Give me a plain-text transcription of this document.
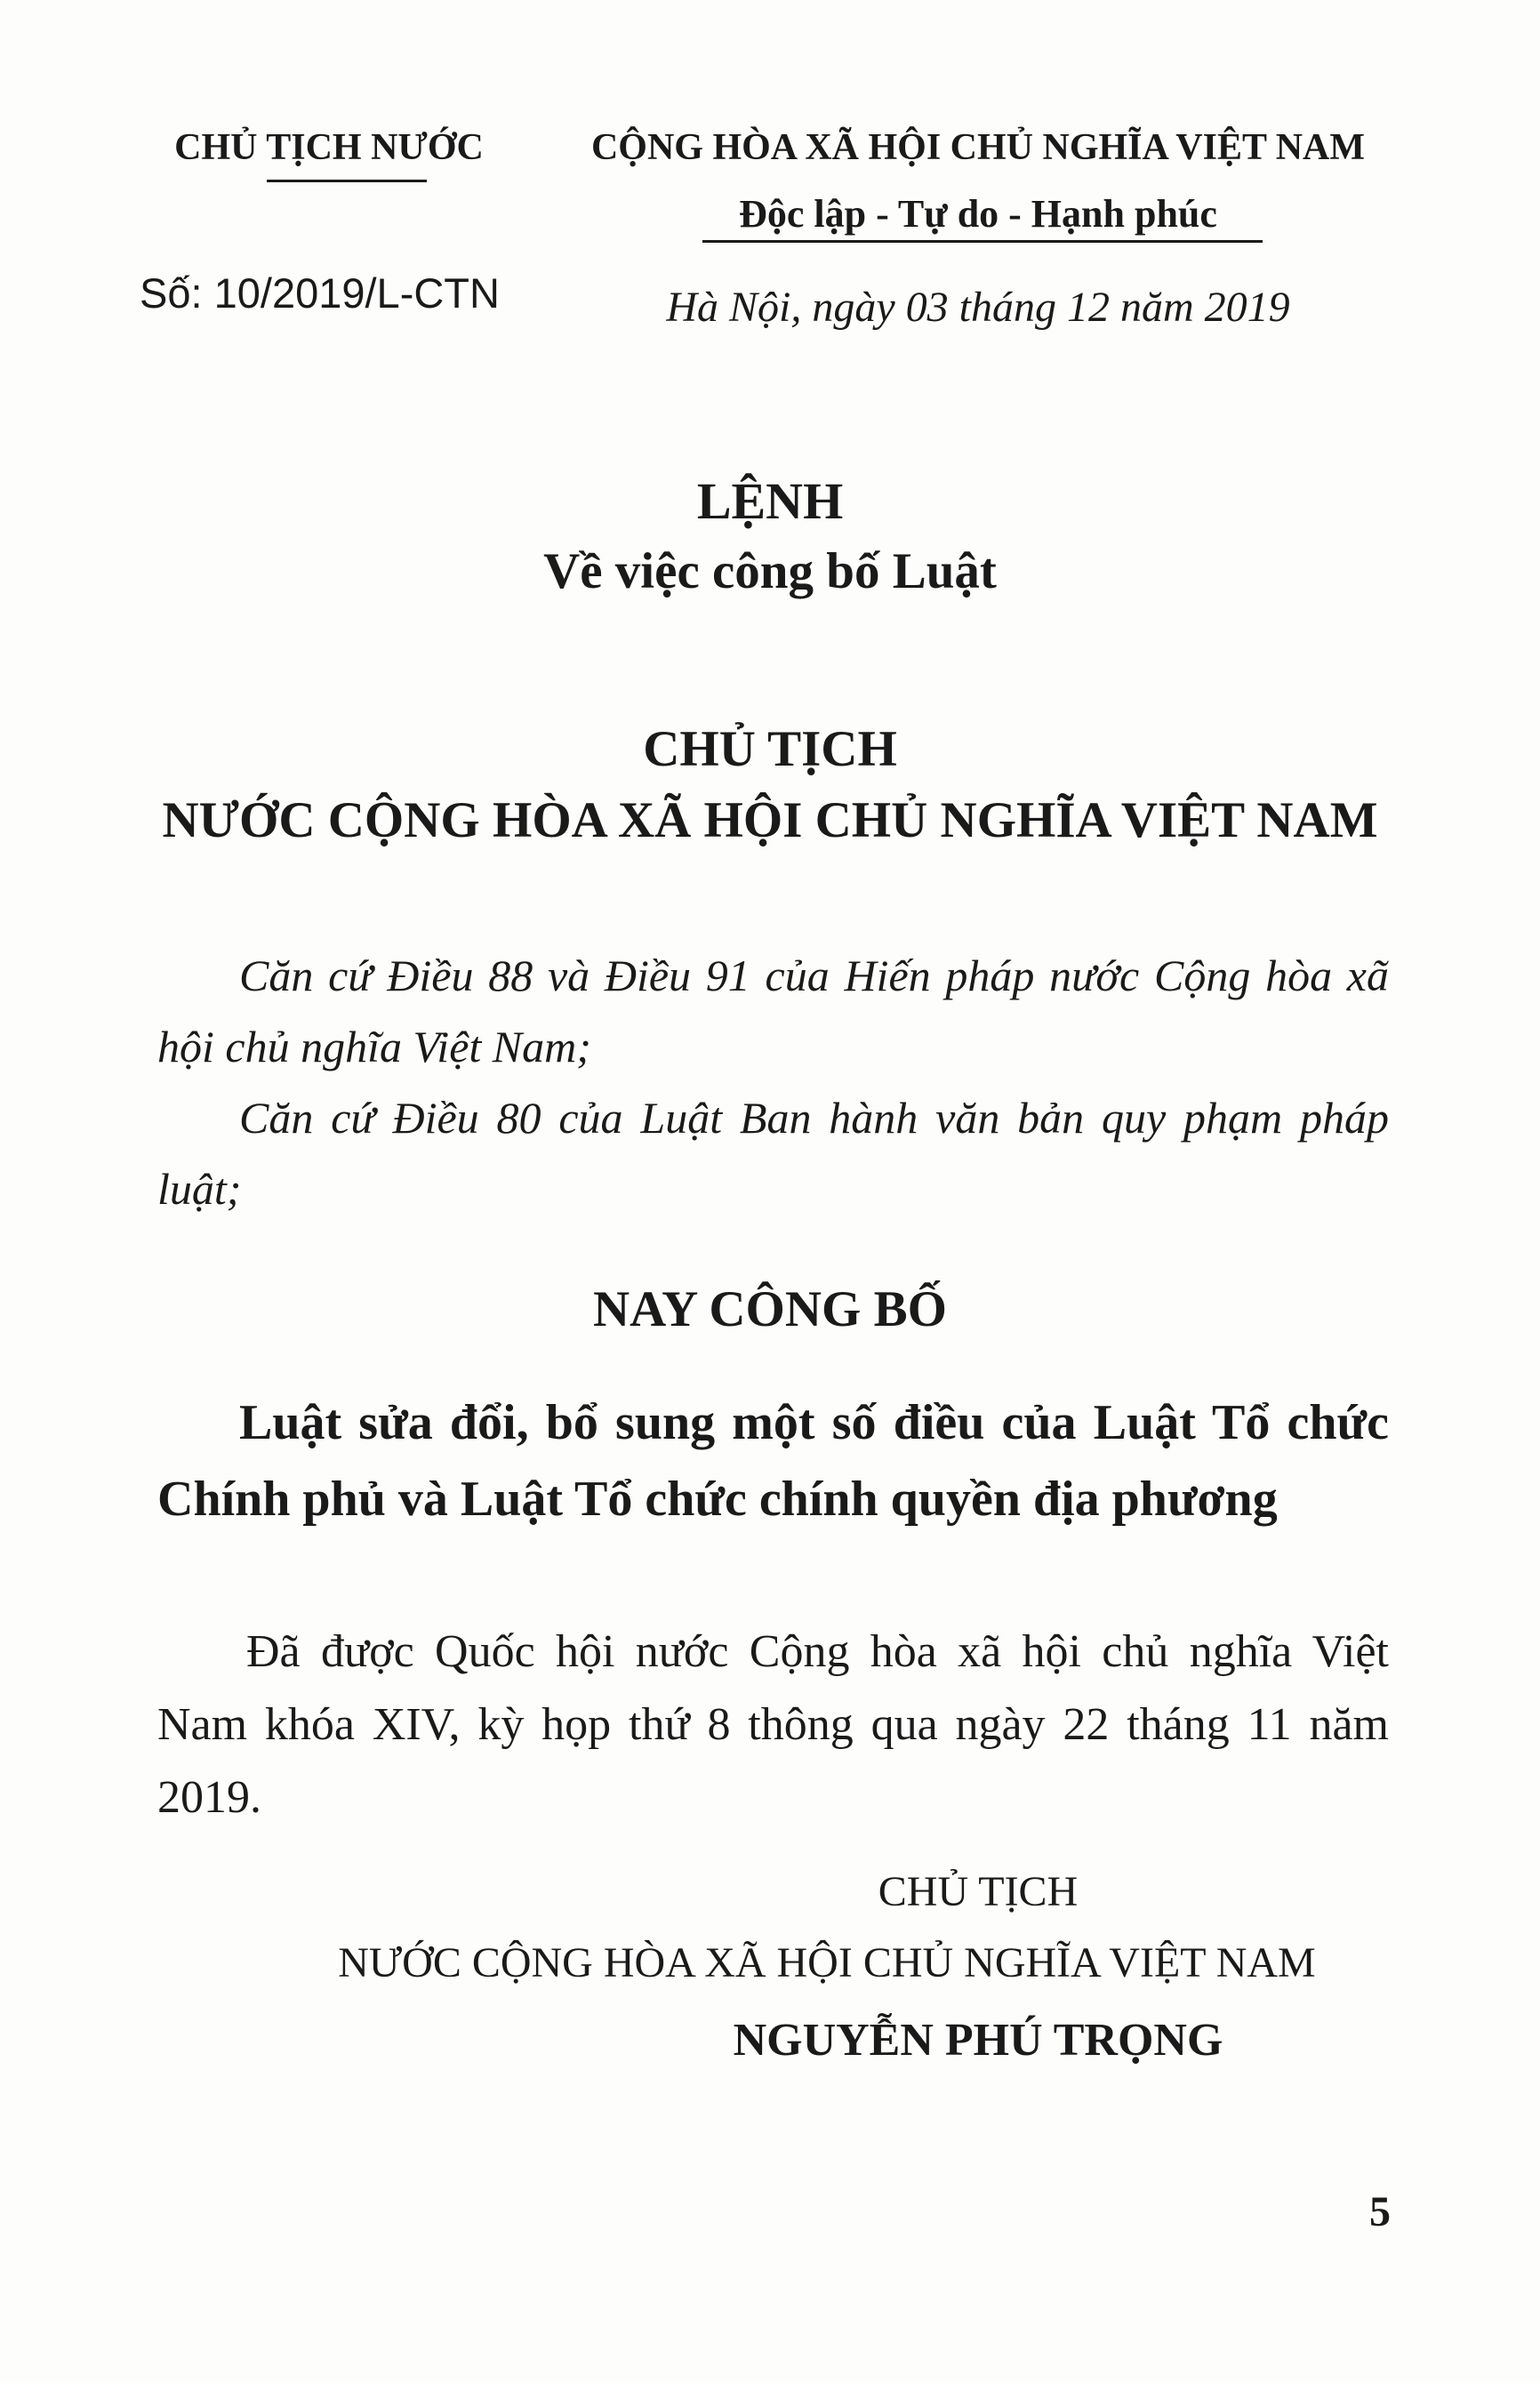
CHỦ TỊCH NƯỚC	CỘNG HÒA XÃ HỘI CHỦ NGHĨA VIỆT NAM
Độc lập - Tự do - Hạnh phúc
Số: 10/2019/L-CTN	Hà Nội, ngày 03 tháng 12 năm 2019
LỆNH
Về việc công bố Luật
CHỦ TỊCH
NƯỚC CỘNG HÒA XÃ HỘI CHỦ NGHĨA VIỆT NAM
Căn cứ Điều 88 và Điều 91 của Hiến pháp nước Cộng hòa xã hội chủ nghĩa Việt Nam;
Căn cứ Điều 80 của Luật Ban hành văn bản quy phạm pháp luật;
NAY CÔNG BỐ
Luật sửa đổi, bổ sung một số điều của Luật Tổ chức Chính phủ và Luật Tổ chức chính quyền địa phương
Đã được Quốc hội nước Cộng hòa xã hội chủ nghĩa Việt Nam khóa XIV, kỳ họp thứ 8 thông qua ngày 22 tháng 11 năm 2019.
CHỦ TỊCH
NƯỚC CỘNG HÒA XÃ HỘI CHỦ NGHĨA VIỆT NAM
NGUYỄN PHÚ TRỌNG
5
